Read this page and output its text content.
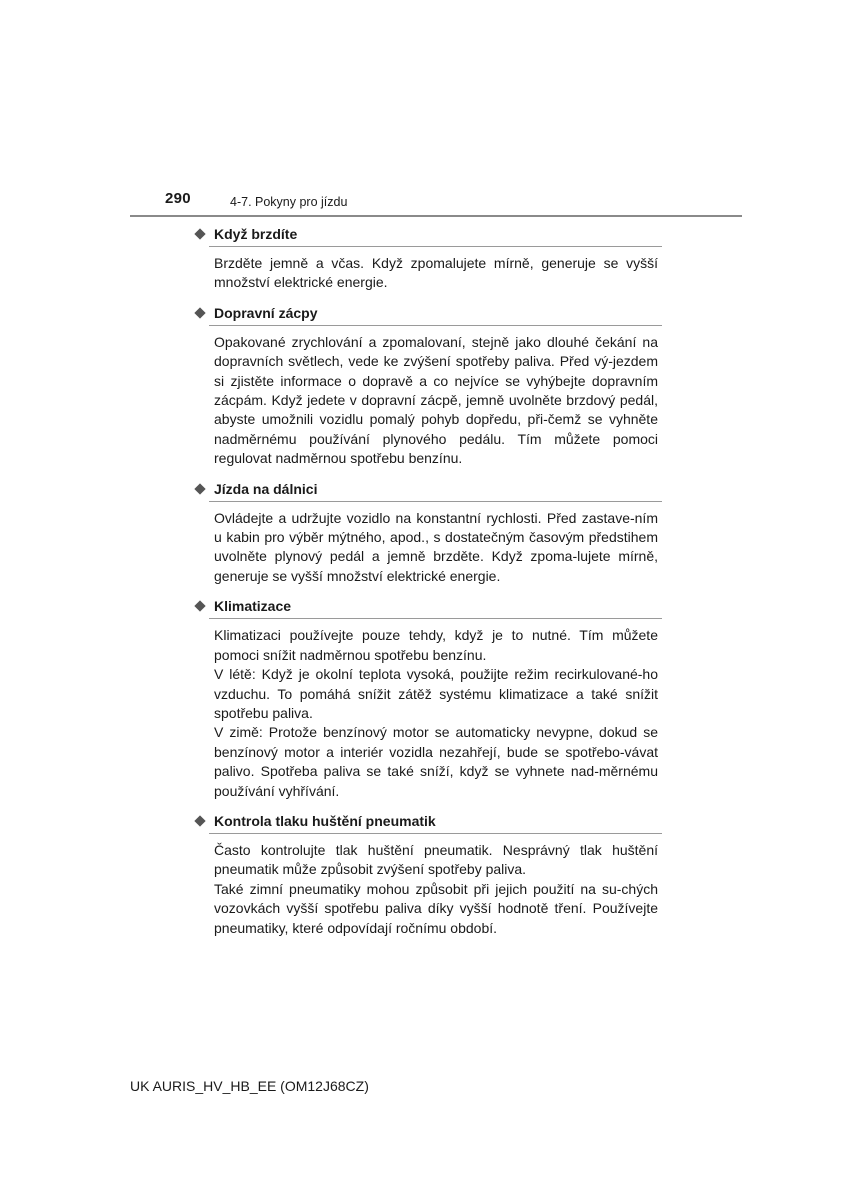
290	4-7. Pokyny pro jízdu
Když brzdíte

Brzděte jemně a včas. Když zpomalujete mírně, generuje se vyšší množství elektrické energie.

Dopravní zácpy

Opakované zrychlování a zpomalovaní, stejně jako dlouhé čekání na dopravních světlech, vede ke zvýšení spotřeby paliva. Před vý-jezdem si zjistěte informace o dopravě a co nejvíce se vyhýbejte dopravním zácpám. Když jedete v dopravní zácpě, jemně uvolněte brzdový pedál, abyste umožnili vozidlu pomalý pohyb dopředu, při-čemž se vyhněte nadměrnému používání plynového pedálu. Tím můžete pomoci regulovat nadměrnou spotřebu benzínu.

Jízda na dálnici

Ovládejte a udržujte vozidlo na konstantní rychlosti. Před zastave-ním u kabin pro výběr mýtného, apod., s dostatečným časovým předstihem uvolněte plynový pedál a jemně brzděte. Když zpoma-lujete mírně, generuje se vyšší množství elektrické energie.

Klimatizace

Klimatizaci používejte pouze tehdy, když je to nutné. Tím můžete pomoci snížit nadměrnou spotřebu benzínu.

V létě: Když je okolní teplota vysoká, použijte režim recirkulované-ho vzduchu. To pomáhá snížit zátěž systému klimatizace a také snížit spotřebu paliva.

V zimě: Protože benzínový motor se automaticky nevypne, dokud se benzínový motor a interiér vozidla nezahřejí, bude se spotřebo-vávat palivo. Spotřeba paliva se také sníží, když se vyhnete nad-měrnému používání vyhřívání.

Kontrola tlaku huštění pneumatik

Často kontrolujte tlak huštění pneumatik. Nesprávný tlak huštění pneumatik může způsobit zvýšení spotřeby paliva.

Také zimní pneumatiky mohou způsobit při jejich použití na su-chých vozovkách vyšší spotřebu paliva díky vyšší hodnotě tření. Používejte pneumatiky, které odpovídají ročnímu období.

UK AURIS_HV_HB_EE (OM12J68CZ)
